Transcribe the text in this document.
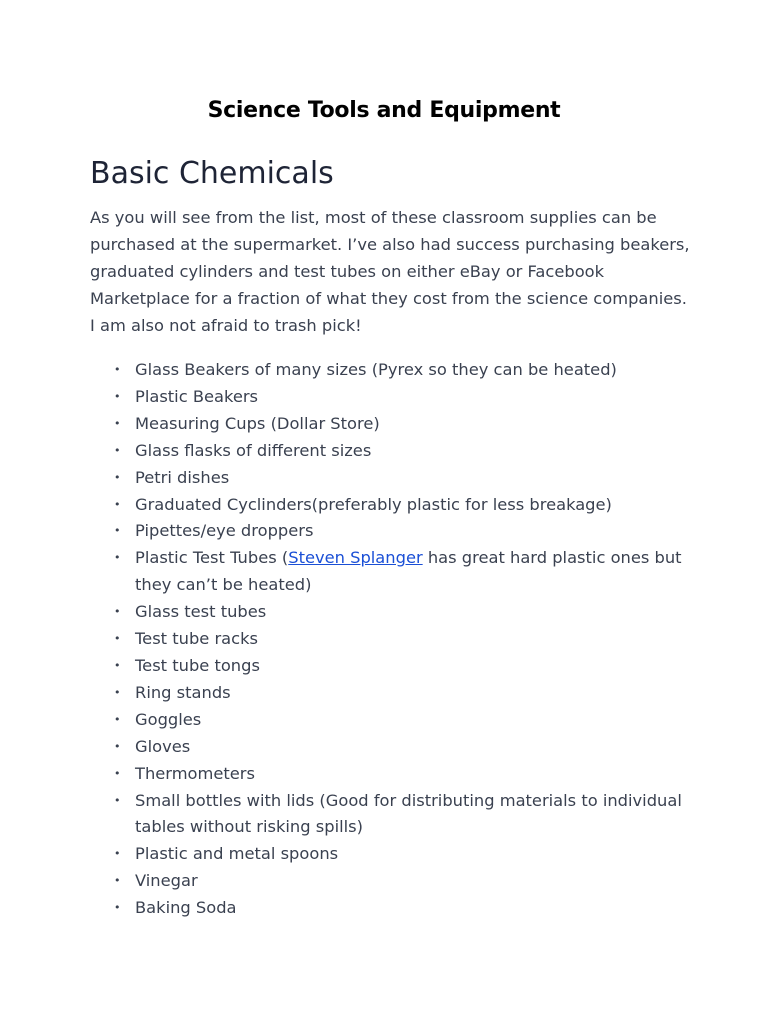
Science Tools and Equipment
Basic Chemicals

As you will see from the list, most of these classroom supplies can be purchased at the supermarket. I’ve also had success purchasing beakers, graduated cylinders and test tubes on either eBay or Facebook Marketplace for a fraction of what they cost from the science companies. I am also not afraid to trash pick!

• Glass Beakers of many sizes (Pyrex so they can be heated)
• Plastic Beakers
• Measuring Cups (Dollar Store)
• Glass flasks of different sizes
• Petri dishes
• Graduated Cyclinders(preferably plastic for less breakage)
• Pipettes/eye droppers
• Plastic Test Tubes (Steven Splanger has great hard plastic ones but they can’t be heated)
• Glass test tubes
• Test tube racks
• Test tube tongs
• Ring stands
• Goggles
• Gloves
• Thermometers
• Small bottles with lids (Good for distributing materials to individual tables without risking spills)
• Plastic and metal spoons
• Vinegar
• Baking Soda
